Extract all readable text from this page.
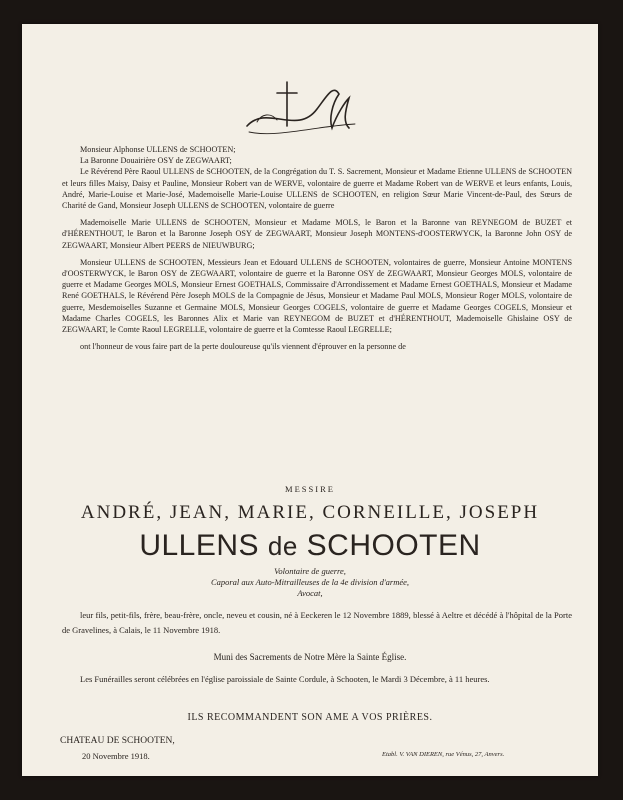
Monsieur Alphonse ULLENS de SCHOOTEN;

La Baronne Douairière OSY de ZEGWAART;

Le Révérend Père Raoul ULLENS de SCHOOTEN, de la Congrégation du T. S. Sacrement, Monsieur et Madame Etienne ULLENS de SCHOOTEN et leurs filles Maisy, Daisy et Pauline, Monsieur Robert van de WERVE, volontaire de guerre et Madame Robert van de WERVE et leurs enfants, Louis, André, Marie-Louise et Marie-José, Mademoiselle Marie-Louise ULLENS de SCHOOTEN, en religion Sœur Marie Vincent-de-Paul, des Sœurs de Charité de Gand, Monsieur Joseph ULLENS de SCHOOTEN, volontaire de guerre

Mademoiselle Marie ULLENS de SCHOOTEN, Monsieur et Madame MOLS, le Baron et la Baronne van REYNEGOM de BUZET et d'HÉRENTHOUT, le Baron et la Baronne Joseph OSY de ZEGWAART, Monsieur Joseph MONTENS-d'OOSTERWYCK, la Baronne John OSY de ZEGWAART, Monsieur Albert PEERS de NIEUWBURG;

Monsieur ULLENS de SCHOOTEN, Messieurs Jean et Edouard ULLENS de SCHOOTEN, volontaires de guerre, Monsieur Antoine MONTENS d'OOSTERWYCK, le Baron OSY de ZEGWAART, volontaire de guerre et la Baronne OSY de ZEGWAART, Monsieur Georges MOLS, volontaire de guerre et Madame Georges MOLS, Monsieur Ernest GOETHALS, Commissaire d'Arrondissement et Madame Ernest GOETHALS, Monsieur et Madame René GOETHALS, le Révérend Père Joseph MOLS de la Compagnie de Jésus, Monsieur et Madame Paul MOLS, Monsieur Roger MOLS, volontaire de guerre, Mesdemoiselles Suzanne et Germaine MOLS, Monsieur Georges COGELS, volontaire de guerre et Madame Georges COGELS, Monsieur et Madame Charles COGELS, les Baronnes Alix et Marie van REYNEGOM de BUZET et d'HÉRENTHOUT, Mademoiselle Ghislaine OSY de ZEGWAART, le Comte Raoul LEGRELLE, volontaire de guerre et la Comtesse Raoul LEGRELLE;

ont l'honneur de vous faire part de la perte douloureuse qu'ils viennent d'éprouver en la personne de

MESSIRE
ANDRÉ, JEAN, MARIE, CORNEILLE, JOSEPH
ULLENS de SCHOOTEN
Volontaire de guerre,
Caporal aux Auto-Mitrailleuses de la 4e division d'armée,
Avocat,
leur fils, petit-fils, frère, beau-frère, oncle, neveu et cousin, né à Eeckeren le 12 Novembre 1889, blessé à Aeltre et décédé à l'hôpital de la Porte de Gravelines, à Calais, le 11 Novembre 1918.
Muni des Sacrements de Notre Mère la Sainte Église.
Les Funérailles seront célébrées en l'église paroissiale de Sainte Cordule, à Schooten, le Mardi 3 Décembre, à 11 heures.
ILS RECOMMANDENT SON AME A VOS PRIÈRES.
CHATEAU DE SCHOOTEN,
20 Novembre 1918.	Etabl. V. VAN DIEREN, rue Vénus, 27, Anvers.
